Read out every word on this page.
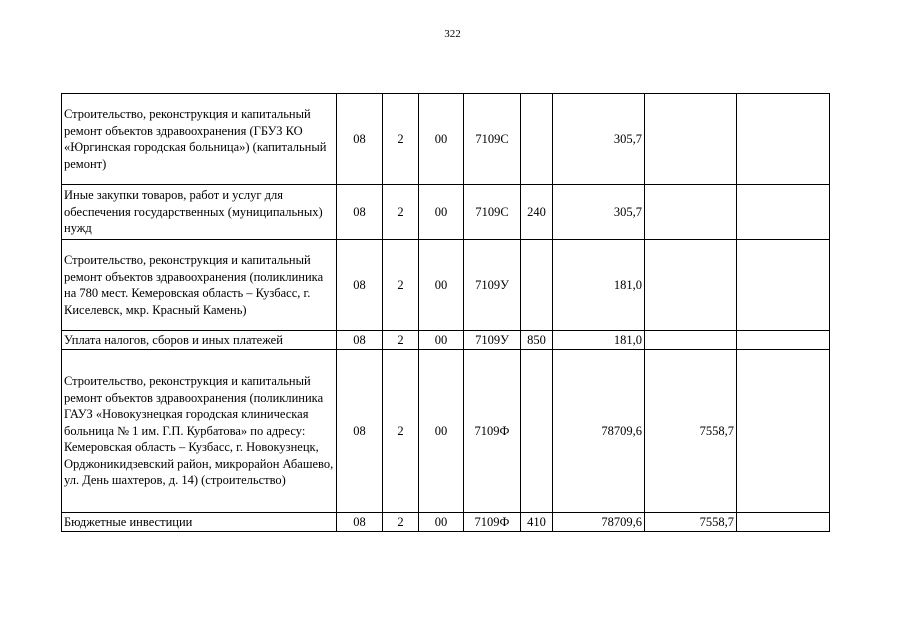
322
Строительство, реконструкция и капитальный ремонт объектов здравоохранения (ГБУЗ КО «Юргинская городская больница») (капитальный ремонт)	08	2	00	7109С		305,7		
Иные закупки товаров, работ и услуг для обеспечения государственных (муниципальных) нужд	08	2	00	7109С	240	305,7		
Строительство, реконструкция и капитальный ремонт объектов здравоохранения (поликлиника на 780 мест. Кемеровская область – Кузбасс, г. Киселевск, мкр. Красный Камень)	08	2	00	7109У		181,0		
Уплата налогов, сборов и иных платежей	08	2	00	7109У	850	181,0		
Строительство, реконструкция и капитальный ремонт объектов здравоохранения (поликлиника ГАУЗ «Новокузнецкая городская клиническая больница № 1 им. Г.П. Курбатова» по адресу: Кемеровская область – Кузбасс, г. Новокузнецк, Орджоникидзевский район, микрорайон Абашево, ул. День шахтеров, д. 14) (строительство)	08	2	00	7109Ф		78709,6	7558,7	
Бюджетные инвестиции	08	2	00	7109Ф	410	78709,6	7558,7	
